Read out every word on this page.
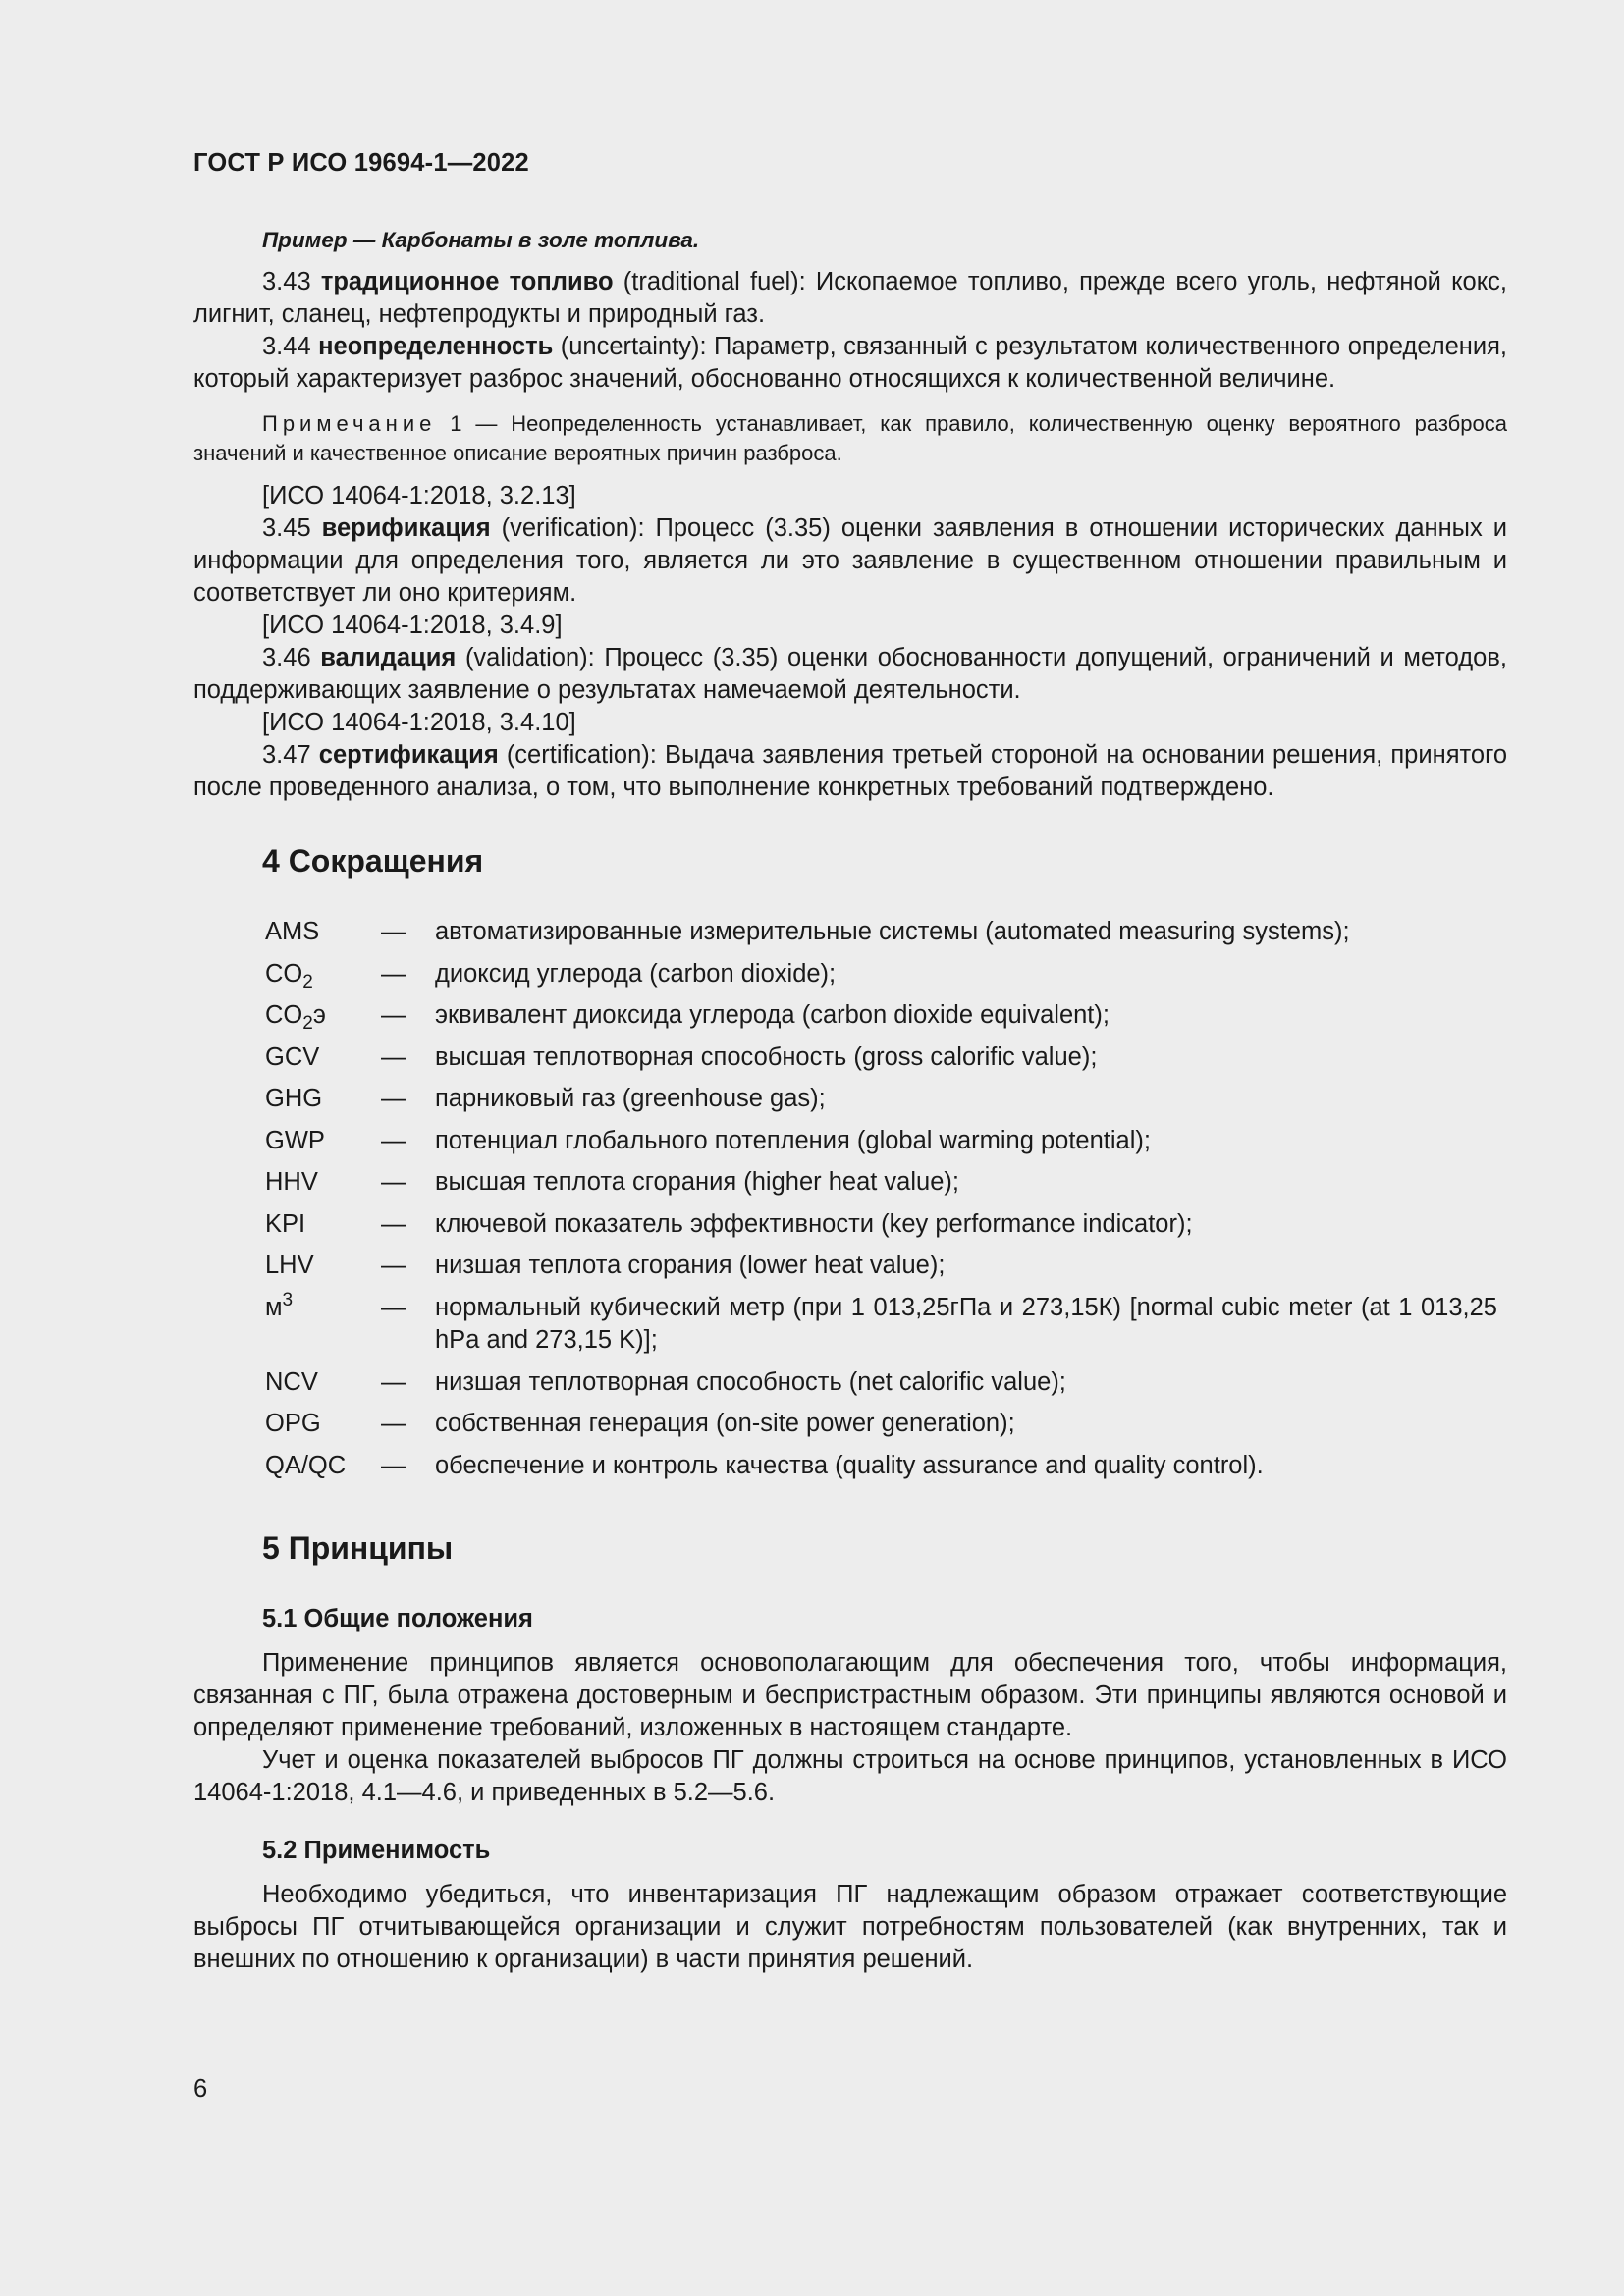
ГОСТ Р ИСО 19694-1—2022

Пример — Карбонаты в золе топлива.

3.43 традиционное топливо (traditional fuel): Ископаемое топливо, прежде всего уголь, нефтяной кокс, лигнит, сланец, нефтепродукты и природный газ.

3.44 неопределенность (uncertainty): Параметр, связанный с результатом количественного определения, который характеризует разброс значений, обоснованно относящихся к количественной величине.

Примечание 1 — Неопределенность устанавливает, как правило, количественную оценку вероятного разброса значений и качественное описание вероятных причин разброса.

[ИСО 14064-1:2018, 3.2.13]

3.45 верификация (verification): Процесс (3.35) оценки заявления в отношении исторических данных и информации для определения того, является ли это заявление в существенном отношении правильным и соответствует ли оно критериям.

[ИСО 14064-1:2018, 3.4.9]

3.46 валидация (validation): Процесс (3.35) оценки обоснованности допущений, ограничений и методов, поддерживающих заявление о результатах намечаемой деятельности.

[ИСО 14064-1:2018, 3.4.10]

3.47 сертификация (certification): Выдача заявления третьей стороной на основании решения, принятого после проведенного анализа, о том, что выполнение конкретных требований подтверждено.

4 Сокращения
AMS	—	автоматизированные измерительные системы (automated measuring systems);
$CO_2$	—	диоксид углерода (carbon dioxide);
$CO_2э$	—	эквивалент диоксида углерода (carbon dioxide equivalent);
GCV	—	высшая теплотворная способность (gross calorific value);
GHG	—	парниковый газ (greenhouse gas);
GWP	—	потенциал глобального потепления (global warming potential);
HHV	—	высшая теплота сгорания (higher heat value);
KPI	—	ключевой показатель эффективности (key performance indicator);
LHV	—	низшая теплота сгорания (lower heat value);
$м^3$	—	нормальный кубический метр (при 1 013,25гПа и 273,15К) [normal cubic meter (at 1 013,25 hPa and 273,15 K)];
NCV	—	низшая теплотворная способность (net calorific value);
OPG	—	собственная генерация (on-site power generation);
QA/QC	—	обеспечение и контроль качества (quality assurance and quality control).
5 Принципы
5.1 Общие положения

Применение принципов является основополагающим для обеспечения того, чтобы информация, связанная с ПГ, была отражена достоверным и беспристрастным образом. Эти принципы являются основой и определяют применение требований, изложенных в настоящем стандарте.

Учет и оценка показателей выбросов ПГ должны строиться на основе принципов, установленных в ИСО 14064-1:2018, 4.1—4.6, и приведенных в 5.2—5.6.

5.2 Применимость

Необходимо убедиться, что инвентаризация ПГ надлежащим образом отражает соответствующие выбросы ПГ отчитывающейся организации и служит потребностям пользователей (как внутренних, так и внешних по отношению к организации) в части принятия решений.

6
